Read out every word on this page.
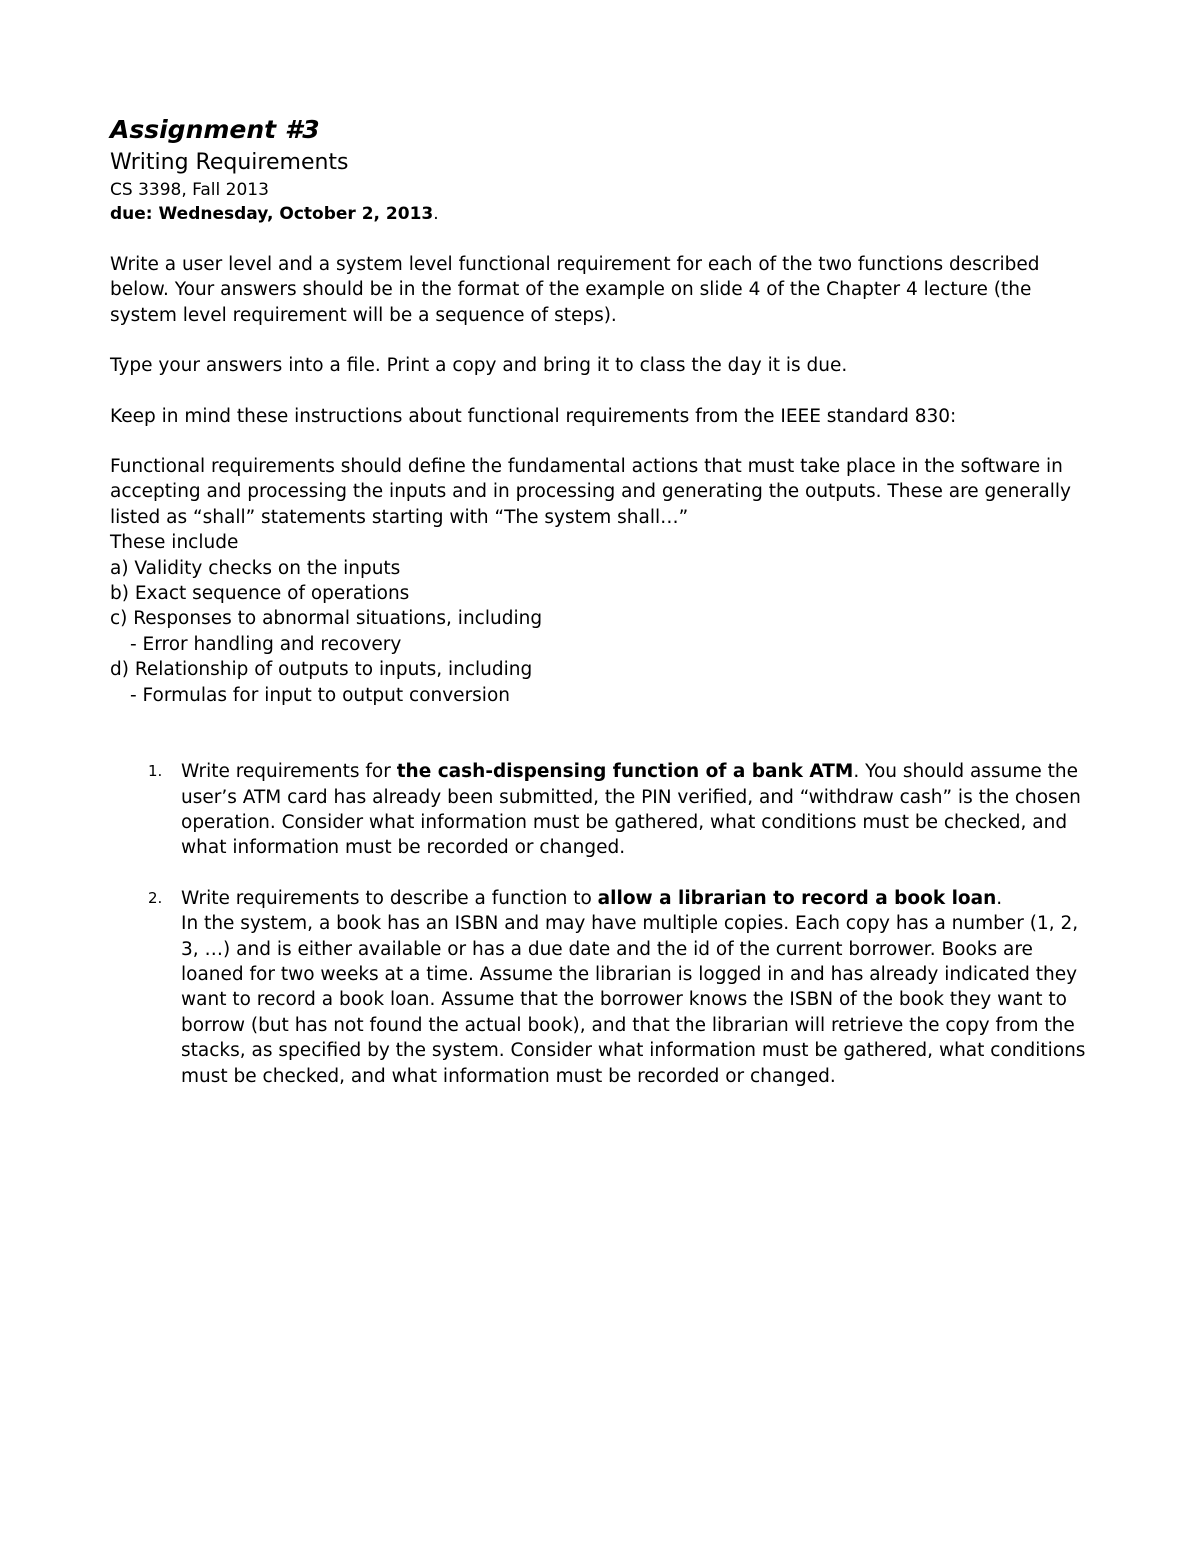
Assignment #3
Writing Requirements
CS 3398, Fall 2013
due: Wednesday, October 2, 2013.

Write a user level and a system level functional requirement for each of the two functions described below. Your answers should be in the format of the example on slide 4 of the Chapter 4 lecture (the system level requirement will be a sequence of steps).

Type your answers into a file. Print a copy and bring it to class the day it is due.

Keep in mind these instructions about functional requirements from the IEEE standard 830:

Functional requirements should define the fundamental actions that must take place in the software in accepting and processing the inputs and in processing and generating the outputs. These are generally listed as “shall” statements starting with “The system shall…”

These include
a) Validity checks on the inputs
b) Exact sequence of operations
c) Responses to abnormal situations, including
- Error handling and recovery
d) Relationship of outputs to inputs, including
- Formulas for input to output conversion
1. Write requirements for the cash-dispensing function of a bank ATM. You should assume the user’s ATM card has already been submitted, the PIN verified, and “withdraw cash” is the chosen operation. Consider what information must be gathered, what conditions must be checked, and what information must be recorded or changed.
2. Write requirements to describe a function to allow a librarian to record a book loan.
In the system, a book has an ISBN and may have multiple copies. Each copy has a number (1, 2, 3, …) and is either available or has a due date and the id of the current borrower. Books are loaned for two weeks at a time. Assume the librarian is logged in and has already indicated they want to record a book loan. Assume that the borrower knows the ISBN of the book they want to borrow (but has not found the actual book), and that the librarian will retrieve the copy from the stacks, as specified by the system. Consider what information must be gathered, what conditions must be checked, and what information must be recorded or changed.
